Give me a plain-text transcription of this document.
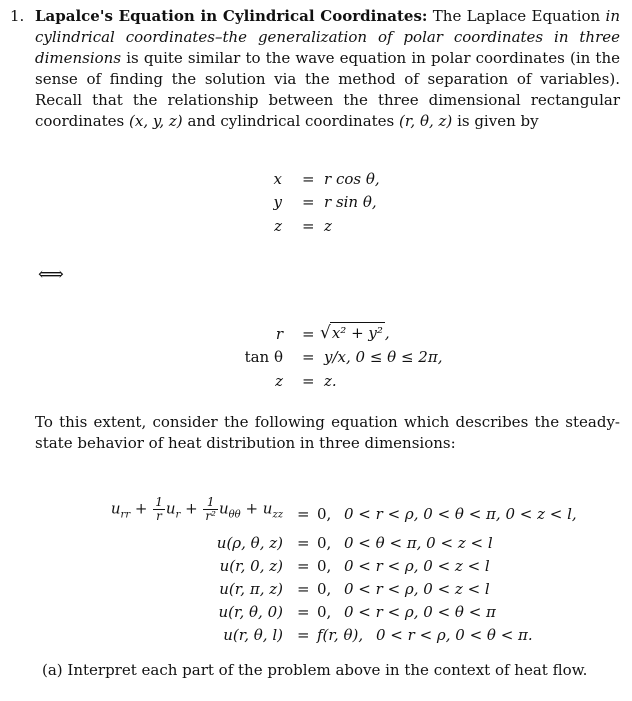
1. Lapalce's Equation in Cylindrical Coordinates: The Laplace Equation in cylindrical coordinates–the generalization of polar coordinates in three dimensions is quite similar to the wave equation in polar coordinates (in the sense of finding the solution via the method of separation of variables). Recall that the relationship between the three dimensional rectangular coordinates (x, y, z) and cylindrical coordinates (r, θ, z) is given by
x = r cos θ,
y = r sin θ,
z = z
⟺
r = √x² + y² ,
tan θ = y/x, 0 ≤ θ ≤ 2π,
z = z.
To this extent, consider the following equation which describes the steady-state behavior of heat distribution in three dimensions:
$u_{rr} + \frac{1}{r} u_r + \frac{1}{\text{r²}} u_{\theta\theta} + u_{zz} = 0$, 0 < r < ρ, 0 < θ < π, 0 < z < l,
u(ρ, θ, z) = 0, 0 < θ < π, 0 < z < l
u(r, 0, z) = 0, 0 < r < ρ, 0 < z < l
u(r, π, z) = 0, 0 < r < ρ, 0 < z < l
u(r, θ, 0) = 0, 0 < r < ρ, 0 < θ < π
u(r, θ, l) = f(r, θ), 0 < r < ρ, 0 < θ < π.
(a) Interpret each part of the problem above in the context of heat flow.
